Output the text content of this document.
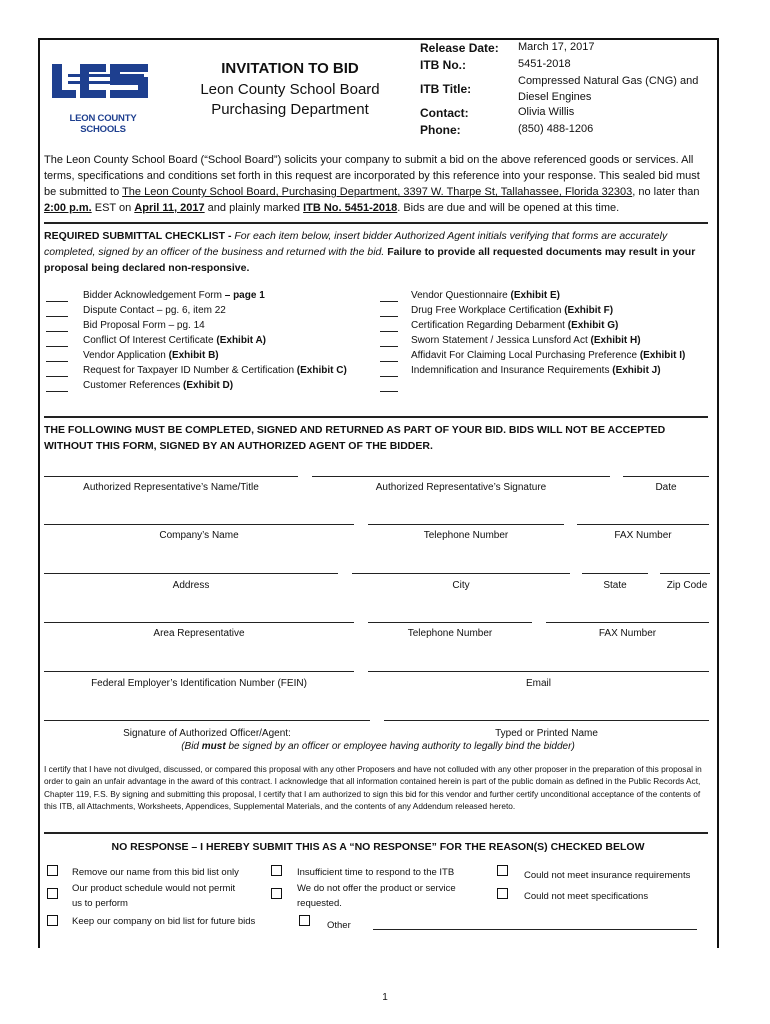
LEON COUNTY SCHOOLS
INVITATION TO BID
Leon County School Board
Purchasing Department
Release Date: March 17, 2017
ITB No.:	5451-2018
ITB Title:
Compressed Natural Gas (CNG) and
Diesel Engines
Contact:	Olivia Willis
Phone:	(850) 488-1206
The Leon County School Board (“School Board”) solicits your company to submit a bid on the above referenced goods or services. All terms, specifications and conditions set forth in this request are incorporated by this reference into your response. This sealed bid must be submitted to The Leon County School Board, Purchasing Department, 3397 W. Tharpe St, Tallahassee, Florida 32303, no later than 2:00 p.m. EST on April 11, 2017 and plainly marked ITB No. 5451-2018. Bids are due and will be opened at this time.
REQUIRED SUBMITTAL CHECKLIST - For each item below, insert bidder Authorized Agent initials verifying that forms are accurately completed, signed by an officer of the business and returned with the bid. Failure to provide all requested documents may result in your proposal being declared non-responsive.
Bidder Acknowledgement Form – page 1
Dispute Contact – pg. 6, item 22
Bid Proposal Form – pg. 14
Conflict Of Interest Certificate (Exhibit A)
Vendor Application (Exhibit B)
Request for Taxpayer ID Number & Certification (Exhibit C)
Customer References (Exhibit D)
Vendor Questionnaire (Exhibit E)
Drug Free Workplace Certification (Exhibit F)
Certification Regarding Debarment (Exhibit G)
Sworn Statement / Jessica Lunsford Act (Exhibit H)
Affidavit For Claiming Local Purchasing Preference (Exhibit I)
Indemnification and Insurance Requirements (Exhibit J)
THE FOLLOWING MUST BE COMPLETED, SIGNED AND RETURNED AS PART OF YOUR BID. BIDS WILL NOT BE ACCEPTED WITHOUT THIS FORM, SIGNED BY AN AUTHORIZED AGENT OF THE BIDDER.
Authorized Representative’s Name/Title	Authorized Representative’s Signature	Date
Company’s Name	Telephone Number	FAX Number
Address	City	State	Zip Code
Area Representative	Telephone Number	FAX Number
Federal Employer’s Identification Number (FEIN)	Email
Signature of Authorized Officer/Agent:	Typed or Printed Name
(Bid must be signed by an officer or employee having authority to legally bind the bidder)
I certify that I have not divulged, discussed, or compared this proposal with any other Proposers and have not colluded with any other proposer in the preparation of this proposal in order to gain an unfair advantage in the award of this contract. I acknowledge that all information contained herein is part of the public domain as defined in the Public Records Act, Chapter 119, F.S. By signing and submitting this proposal, I certify that I am authorized to sign this bid for this vendor and further certify unconditional acceptance of the contents of this ITB, all Attachments, Worksheets, Appendices, Supplemental Materials, and the contents of any Addendum released hereto.
NO RESPONSE – I HEREBY SUBMIT THIS AS A “NO RESPONSE” FOR THE REASON(S) CHECKED BELOW
Remove our name from this bid list only
Our product schedule would not permit
us to perform
Keep our company on bid list for future bids
Insufficient time to respond to the ITB
We do not offer the product or service
requested.
Other
Could not meet insurance requirements
Could not meet specifications
1
